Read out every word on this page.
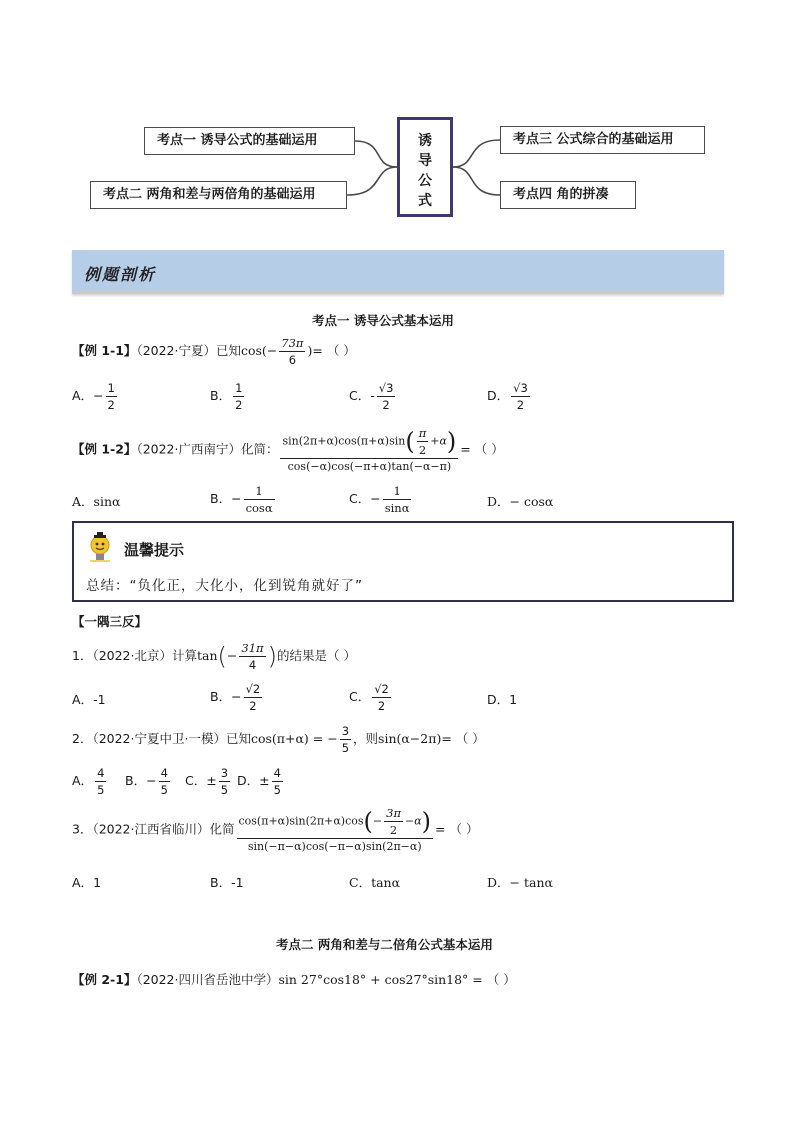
考点一 诱导公式的基础运用
考点二 两角和差与两倍角的基础运用
考点三 公式综合的基础运用
考点四 角的拼凑
诱
导
公
式
例题剖析
考点一 诱导公式基本运用
【例 1-1】（2022·宁夏）已知$\cos(- \frac{73\pi}{6}$ )= （ ）
A．− $\frac{1}{2}$	B． $\frac{1}{2}$	C．- $\frac{√3}{2}$	D． $\frac{√3}{2}$
【例 1-2】（2022·广西南宁）化简： $\frac{\sin(2\pi+\alpha)\cos(\pi+\alpha)\sin( \frac{\pi}{2} +\alpha)}{\cos(-\alpha)\cos(-\pi+\alpha)\tan(-\alpha-\pi)}$ = （ ）
A．sinα	B．− $\frac{1}{\cos\alpha}$	C．− $\frac{1}{\sin\alpha}$	D．− cosα
温馨提示
总结：“负化正，大化小，化到锐角就好了”
【一隅三反】
1．（2022·北京）计算$\tan(- \frac{31\pi}{4}$ )的结果是（ ）
A．-1	B．− $\frac{√2}{2}$	C． $\frac{√2}{2}$	D．1
2．（2022·宁夏中卫·一模）已知cos(π+α) = − $\frac{3}{5}$ ，则sin(α−2π)= （ ）
A． $\frac{4}{5}$ B．− $\frac{4}{5}$ C．± $\frac{3}{5}$ D．± $\frac{4}{5}$
3．（2022·江西省临川）化简 $\frac{\cos(\pi+\alpha)\sin(2\pi+\alpha)\cos(- \frac{3\pi}{2} -\alpha)}{\sin(-\pi-\alpha)\cos(-\pi-\alpha)\sin(2\pi-\alpha)}$ = （ ）
A．1	B．-1	C．tanα	D．− tanα
考点二 两角和差与二倍角公式基本运用
【例 2-1】（2022·四川省岳池中学）sin 27°cos18° + cos27°sin18° = （ ）
